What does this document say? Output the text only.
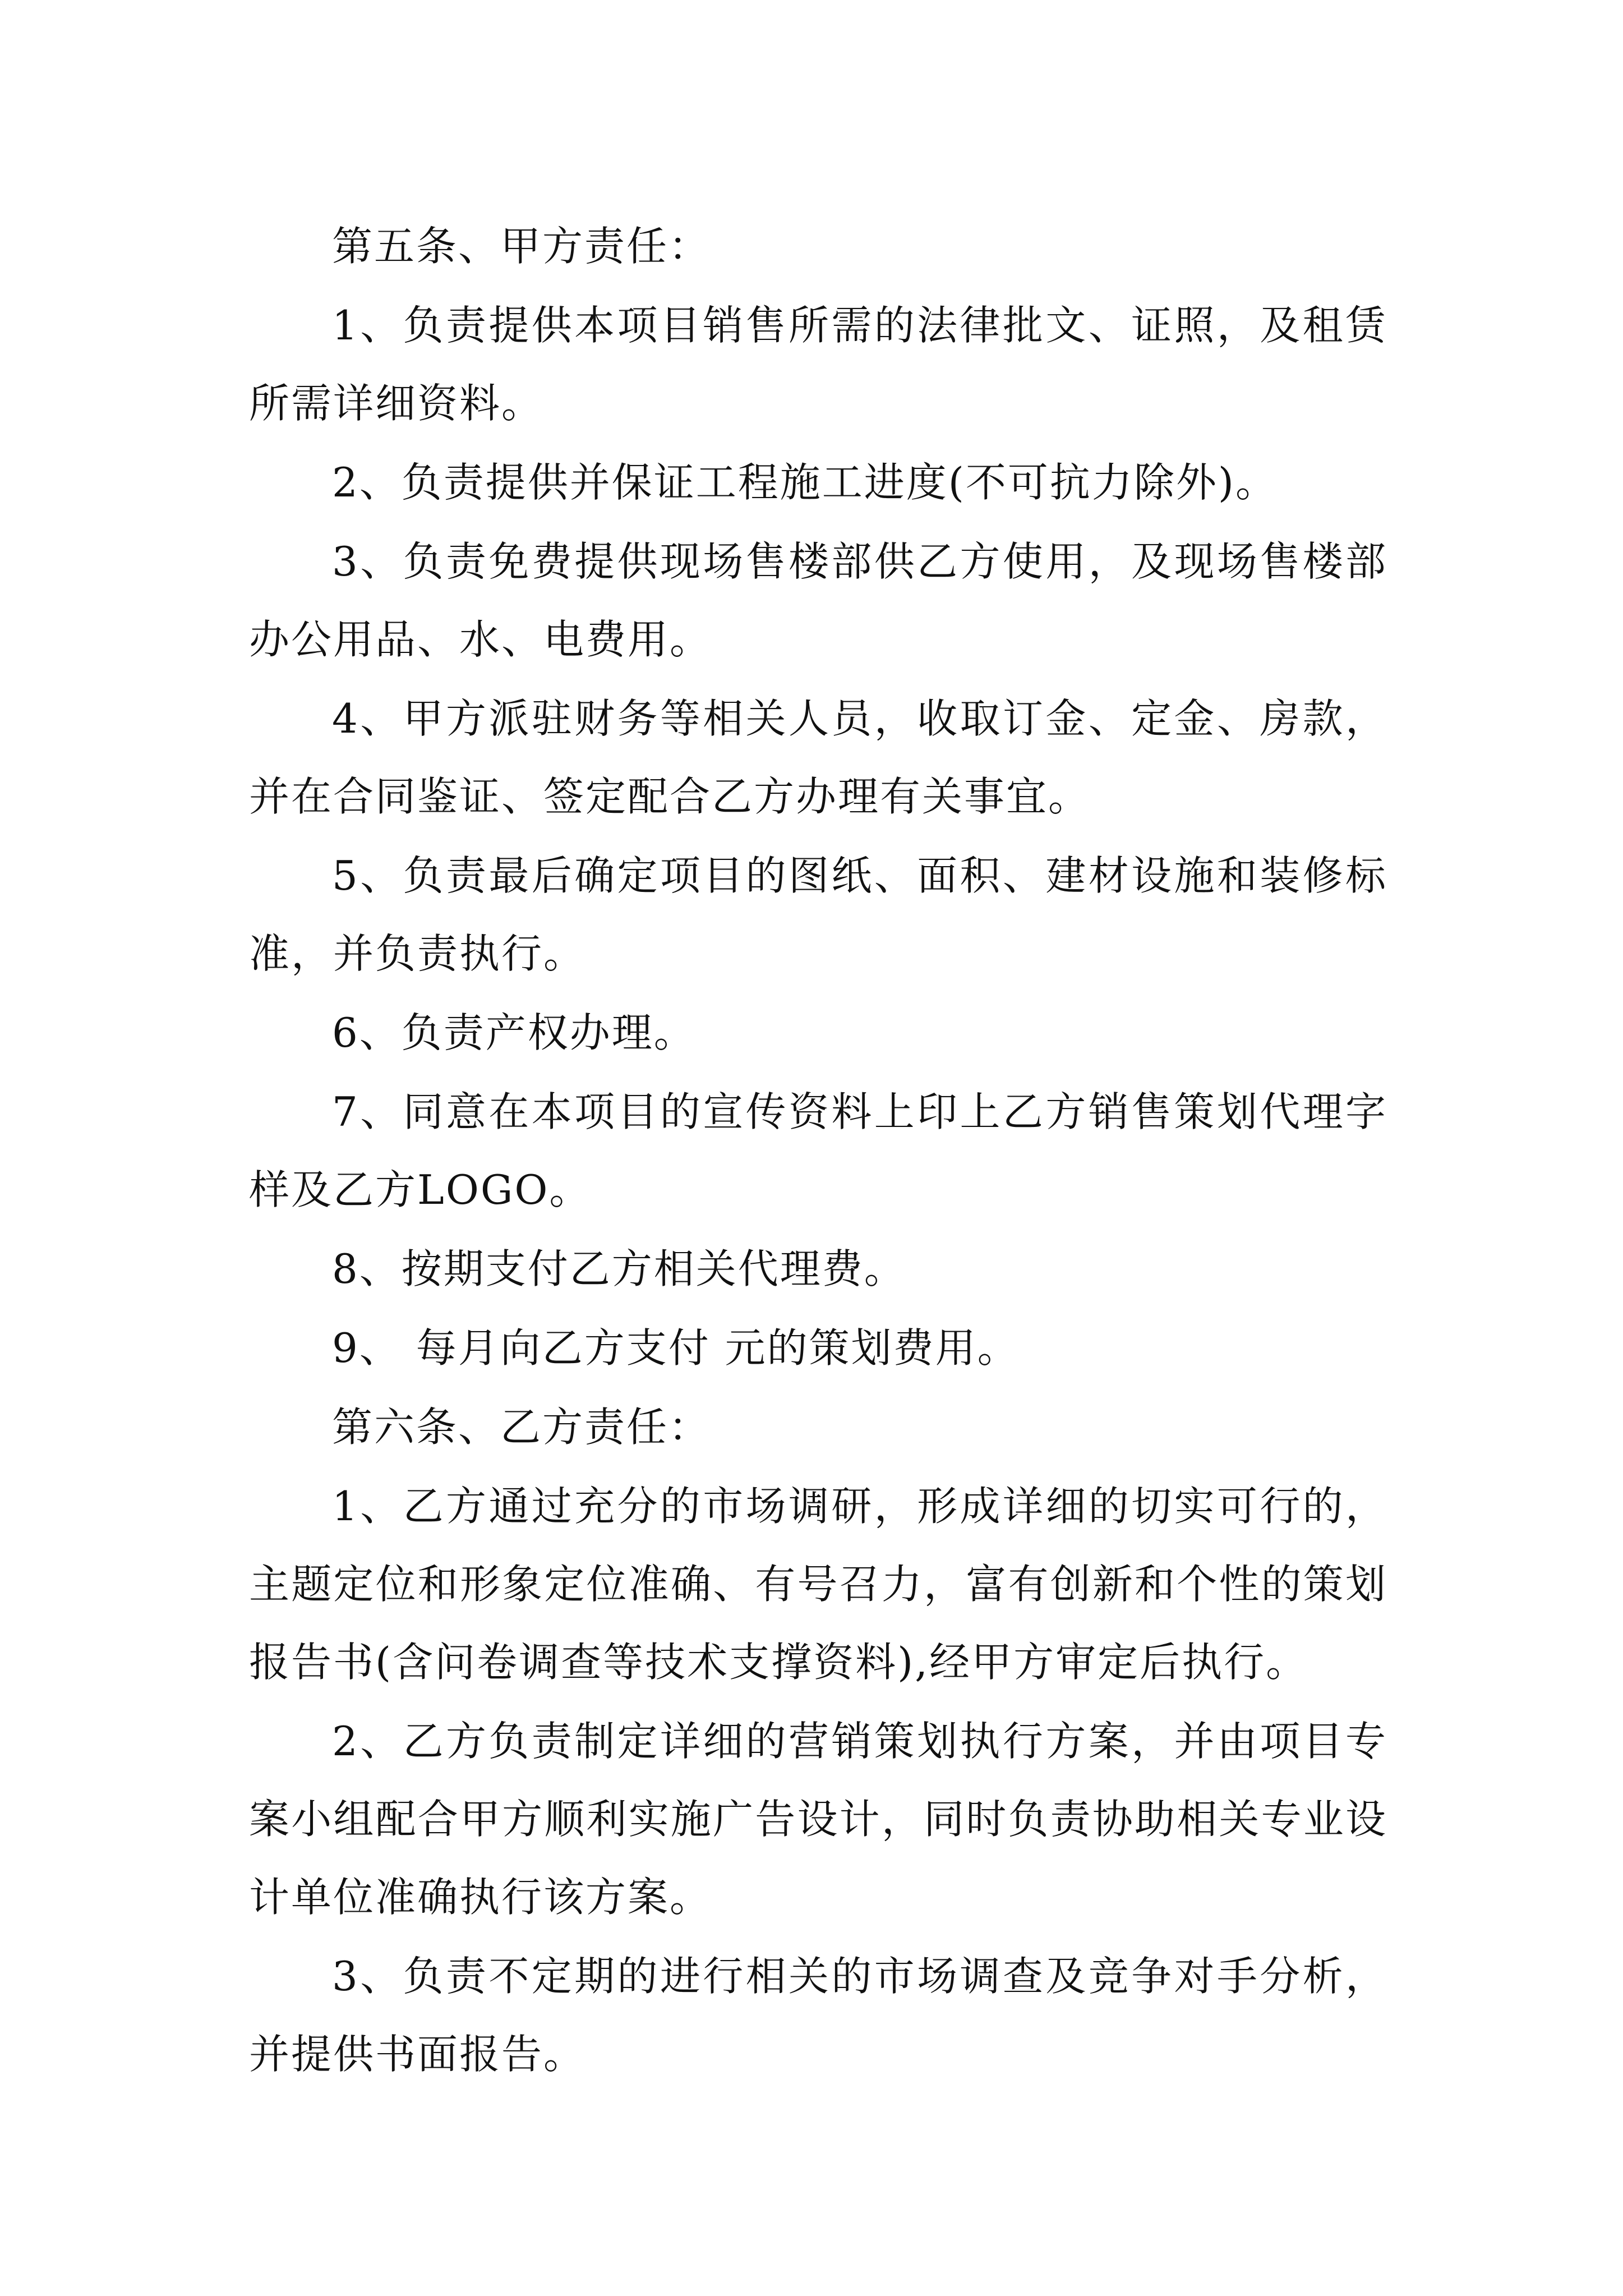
第五条、甲方责任：

1、负责提供本项目销售所需的法律批文、证照，及租赁所需详细资料。

2、负责提供并保证工程施工进度(不可抗力除外)。

3、负责免费提供现场售楼部供乙方使用，及现场售楼部办公用品、水、电费用。

4、甲方派驻财务等相关人员，收取订金、定金、房款，并在合同鉴证、签定配合乙方办理有关事宜。

5、负责最后确定项目的图纸、面积、建材设施和装修标准，并负责执行。

6、负责产权办理。

7、同意在本项目的宣传资料上印上乙方销售策划代理字样及乙方LOGO。

8、按期支付乙方相关代理费。

9、 每月向乙方支付 元的策划费用。

第六条、乙方责任：

1、乙方通过充分的市场调研，形成详细的切实可行的，主题定位和形象定位准确、有号召力，富有创新和个性的策划报告书(含问卷调查等技术支撑资料),经甲方审定后执行。

2、乙方负责制定详细的营销策划执行方案，并由项目专案小组配合甲方顺利实施广告设计，同时负责协助相关专业设计单位准确执行该方案。

3、负责不定期的进行相关的市场调查及竞争对手分析，并提供书面报告。
